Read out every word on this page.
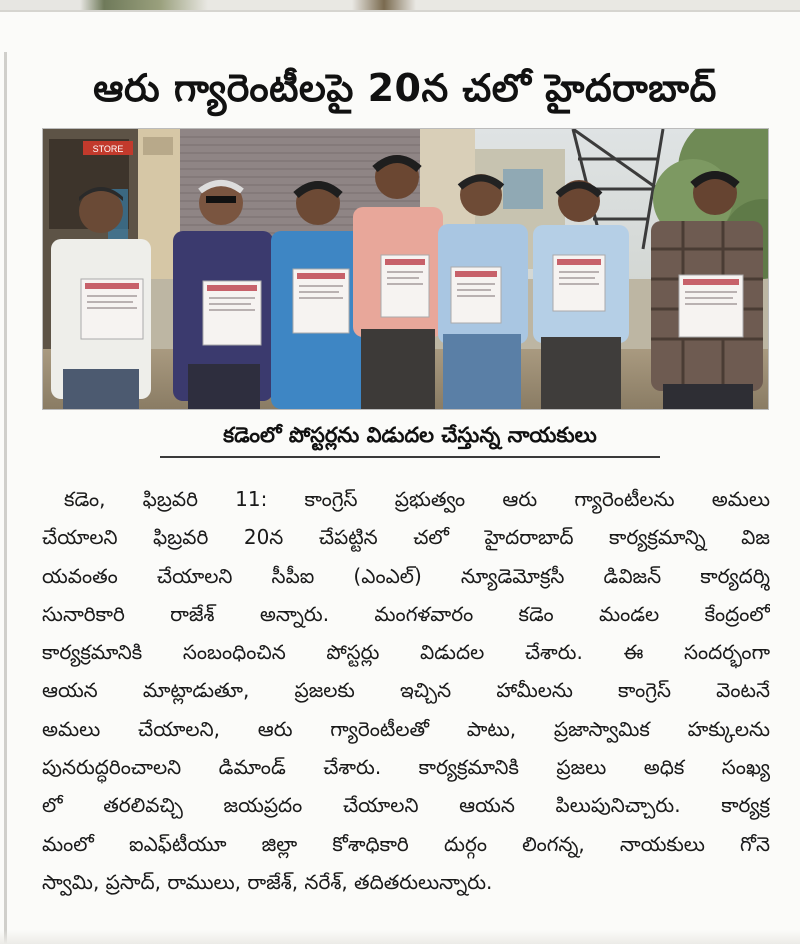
ఆరు గ్యారెంటీలపై 20న చలో హైదరాబాద్
STORE
కడెంలో పోస్టర్లను విడుదల చేస్తున్న నాయకులు
కడెం, ఫిబ్రవరి 11: కాంగ్రెస్ ప్రభుత్వం ఆరు గ్యారెంటీలను అమలు
చేయాలని ఫిబ్రవరి 20న చేపట్టిన చలో హైదరాబాద్ కార్యక్రమాన్ని విజ
యవంతం చేయాలని సీపీఐ (ఎంఎల్) న్యూడెమోక్రసీ డివిజన్ కార్యదర్శి
సునారికారి రాజేశ్ అన్నారు. మంగళవారం కడెం మండల కేంద్రంలో
కార్యక్రమానికి సంబంధించిన పోస్టర్లు విడుదల చేశారు. ఈ సందర్భంగా
ఆయన మాట్లాడుతూ, ప్రజలకు ఇచ్చిన హామీలను కాంగ్రెస్ వెంటనే
అమలు చేయాలని, ఆరు గ్యారెంటీలతో పాటు, ప్రజాస్వామిక హక్కులను
పునరుద్ధరించాలని డిమాండ్ చేశారు. కార్యక్రమానికి ప్రజలు అధిక సంఖ్య
లో తరలివచ్చి జయప్రదం చేయాలని ఆయన పిలుపునిచ్చారు. కార్యక్ర
మంలో ఐఎఫ్‌టీయూ జిల్లా కోశాధికారి దుర్గం లింగన్న, నాయకులు గోనె
స్వామి, ప్రసాద్, రాములు, రాజేశ్, నరేశ్, తదితరులున్నారు.
